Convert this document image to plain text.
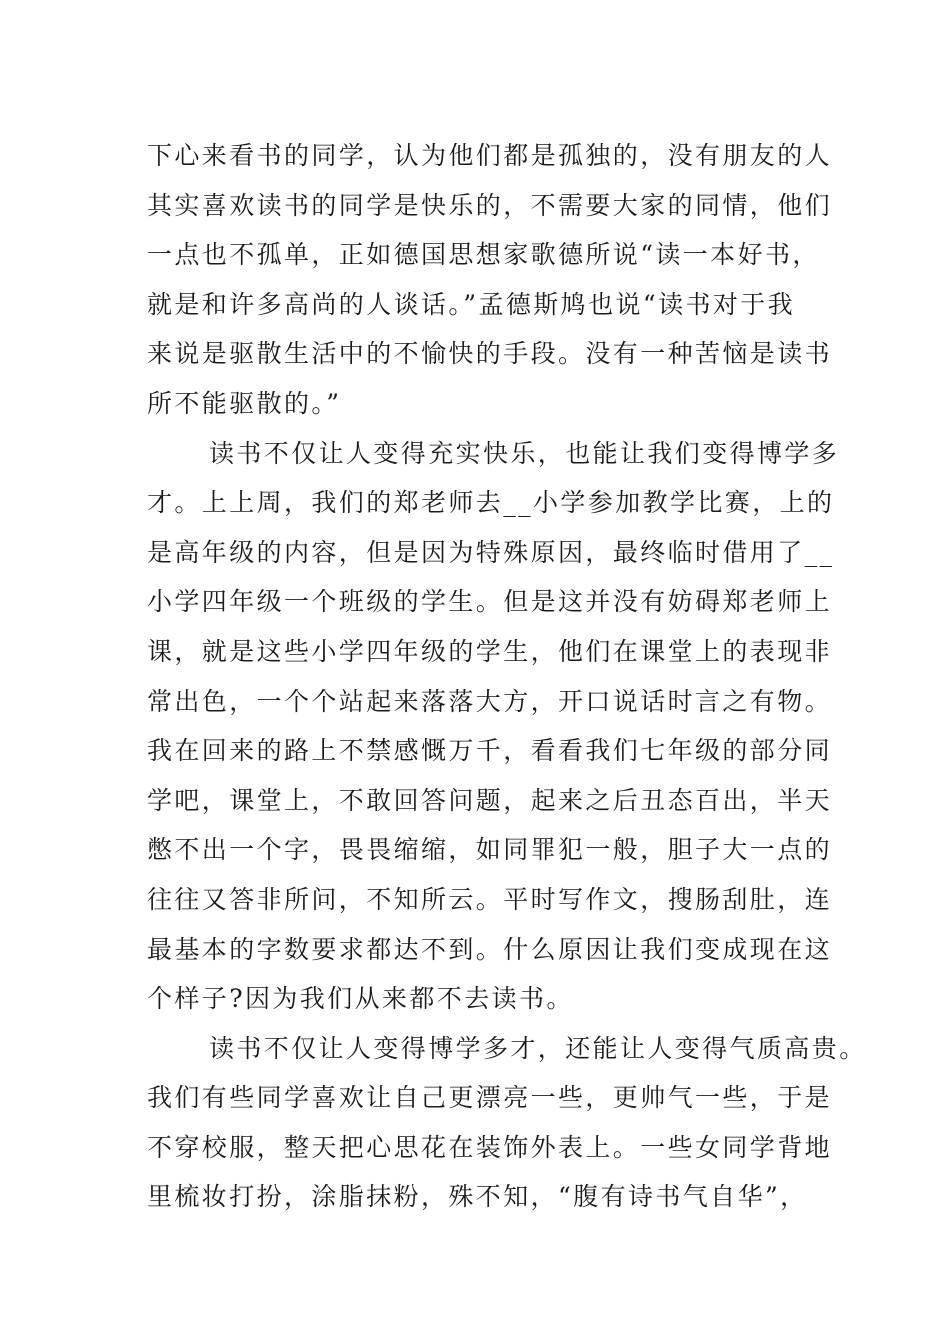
下心来看书的同学，认为他们都是孤独的，没有朋友的人
其实喜欢读书的同学是快乐的，不需要大家的同情，他们
一点也不孤单，正如德国思想家歌德所说“读一本好书，
就是和许多高尚的人谈话。”孟德斯鸠也说“读书对于我
来说是驱散生活中的不愉快的手段。没有一种苦恼是读书
所不能驱散的。”
读书不仅让人变得充实快乐，也能让我们变得博学多
才。上上周，我们的郑老师去__小学参加教学比赛，上的
是高年级的内容，但是因为特殊原因，最终临时借用了__
小学四年级一个班级的学生。但是这并没有妨碍郑老师上
课，就是这些小学四年级的学生，他们在课堂上的表现非
常出色，一个个站起来落落大方，开口说话时言之有物。
我在回来的路上不禁感慨万千，看看我们七年级的部分同
学吧，课堂上，不敢回答问题，起来之后丑态百出，半天
憋不出一个字，畏畏缩缩，如同罪犯一般，胆子大一点的
往往又答非所问，不知所云。平时写作文，搜肠刮肚，连
最基本的字数要求都达不到。什么原因让我们变成现在这
个样子?因为我们从来都不去读书。
读书不仅让人变得博学多才，还能让人变得气质高贵。
我们有些同学喜欢让自己更漂亮一些，更帅气一些，于是
不穿校服，整天把心思花在装饰外表上。一些女同学背地
里梳妆打扮，涂脂抹粉，殊不知，“腹有诗书气自华”，
